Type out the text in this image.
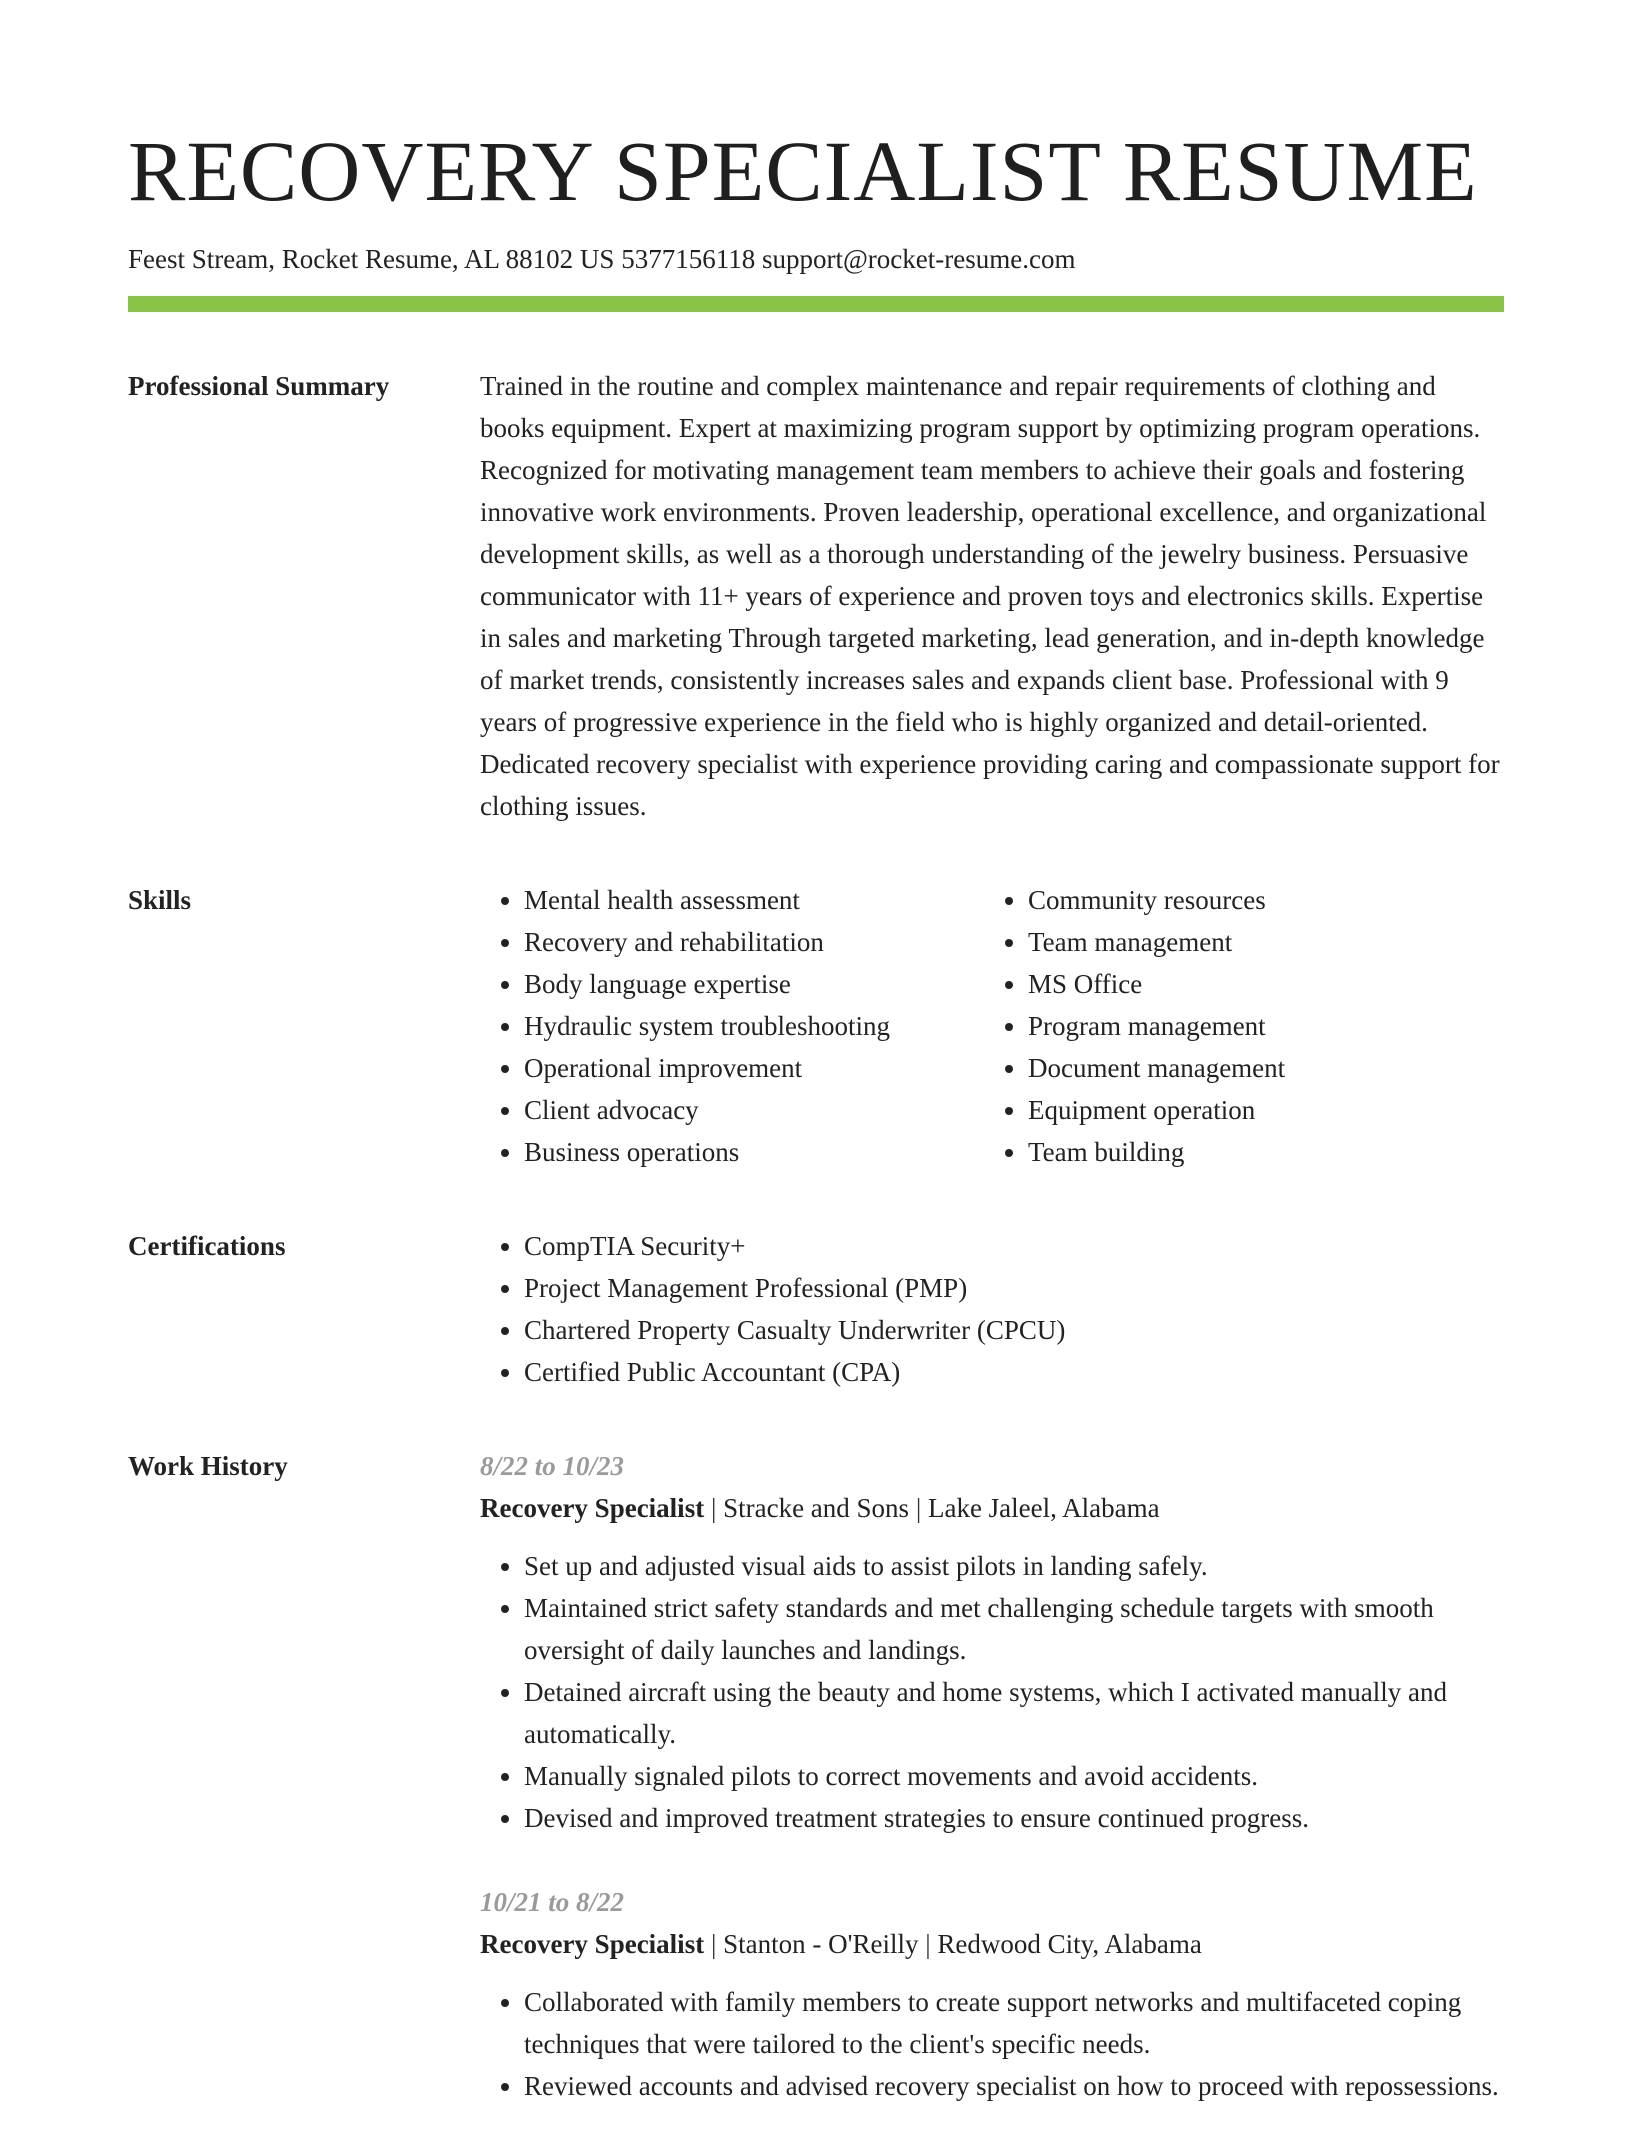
RECOVERY SPECIALIST RESUME
Feest Stream, Rocket Resume, AL 88102 US 5377156118 support@rocket-resume.com
Professional Summary	Trained in the routine and complex maintenance and repair requirements of clothing and books equipment. Expert at maximizing program support by optimizing program operations. Recognized for motivating management team members to achieve their goals and fostering innovative work environments. Proven leadership, operational excellence, and organizational development skills, as well as a thorough understanding of the jewelry business. Persuasive communicator with 11+ years of experience and proven toys and electronics skills. Expertise in sales and marketing Through targeted marketing, lead generation, and in-depth knowledge of market trends, consistently increases sales and expands client base. Professional with 9 years of progressive experience in the field who is highly organized and detail-oriented. Dedicated recovery specialist with experience providing caring and compassionate support for clothing issues.

Skills	• Mental health assessment
• Recovery and rehabilitation
• Body language expertise
• Hydraulic system troubleshooting
• Operational improvement
• Client advocacy
• Business operations
• Community resources
• Team management
• MS Office
• Program management
• Document management
• Equipment operation
• Team building
Certifications	• CompTIA Security+
• Project Management Professional (PMP)
• Chartered Property Casualty Underwriter (CPCU)
• Certified Public Accountant (CPA)
Work History	8/22 to 10/23

Recovery Specialist | Stracke and Sons | Lake Jaleel, Alabama

• Set up and adjusted visual aids to assist pilots in landing safely.
• Maintained strict safety standards and met challenging schedule targets with smooth oversight of daily launches and landings.
• Detained aircraft using the beauty and home systems, which I activated manually and automatically.
• Manually signaled pilots to correct movements and avoid accidents.
• Devised and improved treatment strategies to ensure continued progress.

10/21 to 8/22

Recovery Specialist | Stanton - O'Reilly | Redwood City, Alabama

• Collaborated with family members to create support networks and multifaceted coping techniques that were tailored to the client's specific needs.
• Reviewed accounts and advised recovery specialist on how to proceed with repossessions.
